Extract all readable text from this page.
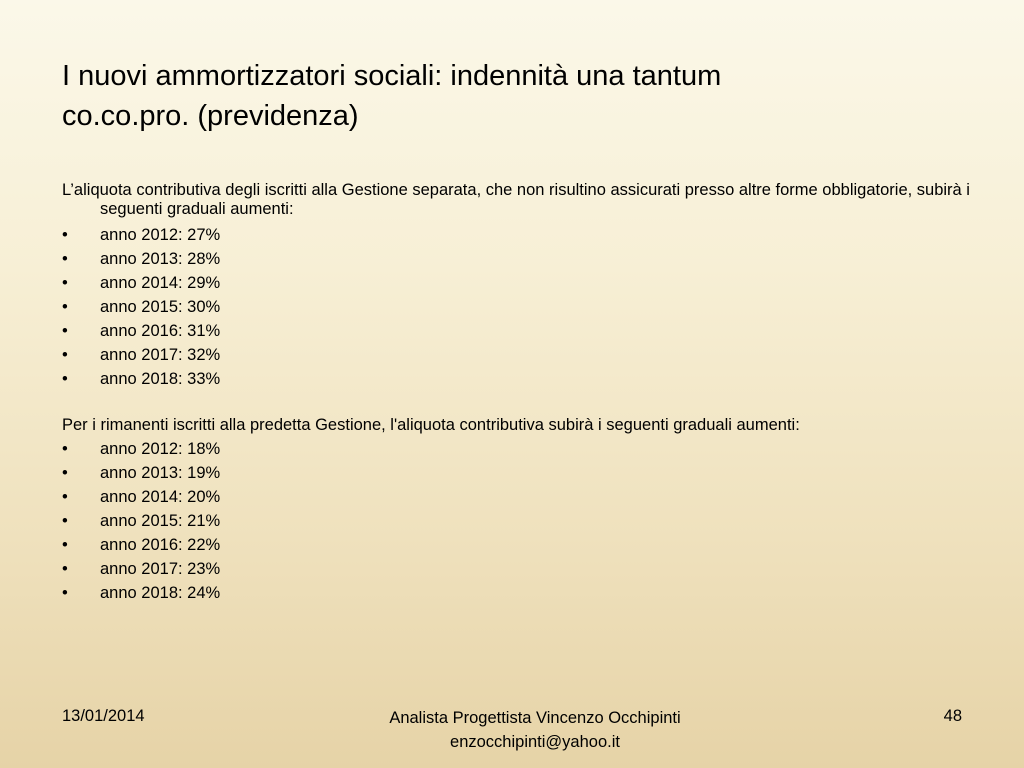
I nuovi ammortizzatori sociali: indennità una tantum
co.co.pro. (previdenza)

L’aliquota contributiva degli iscritti alla Gestione separata, che non risultino assicurati presso altre forme obbligatorie, subirà i seguenti graduali aumenti:

• anno 2012: 27%
• anno 2013: 28%
• anno 2014: 29%
• anno 2015: 30%
• anno 2016: 31%
• anno 2017: 32%
• anno 2018: 33%

Per i rimanenti iscritti alla predetta Gestione, l'aliquota contributiva subirà i seguenti graduali aumenti:

• anno 2012: 18%
• anno 2013: 19%
• anno 2014: 20%
• anno 2015: 21%
• anno 2016: 22%
• anno 2017: 23%
• anno 2018: 24%
13/01/2014	Analista Progettista Vincenzo Occhipinti
enzocchipinti@yahoo.it
48
